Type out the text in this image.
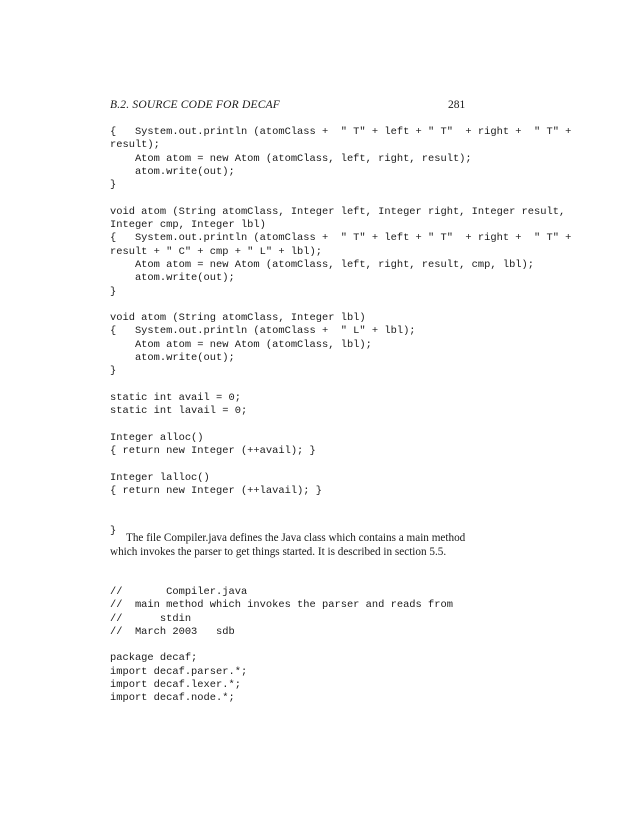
B.2. SOURCE CODE FOR DECAF	281
{   System.out.println (atomClass +  " T" + left + " T"  + right +  " T" +
result);
Atom atom = new Atom (atomClass, left, right, result);
atom.write(out);
}

void atom (String atomClass, Integer left, Integer right, Integer result,
Integer cmp, Integer lbl)
{   System.out.println (atomClass +  " T" + left + " T"  + right +  " T" +
result + " C" + cmp + " L" + lbl);
Atom atom = new Atom (atomClass, left, right, result, cmp, lbl);
atom.write(out);
}

void atom (String atomClass, Integer lbl)
{   System.out.println (atomClass +  " L" + lbl);
Atom atom = new Atom (atomClass, lbl);
atom.write(out);
}

static int avail = 0;
static int lavail = 0;

Integer alloc()
{ return new Integer (++avail); }

Integer lalloc()
{ return new Integer (++lavail); }

}
The file Compiler.java defines the Java class which contains a main method
which invokes the parser to get things started. It is described in section 5.5.
//       Compiler.java
//  main method which invokes the parser and reads from
//      stdin
//  March 2003   sdb

package decaf;
import decaf.parser.*;
import decaf.lexer.*;
import decaf.node.*;
